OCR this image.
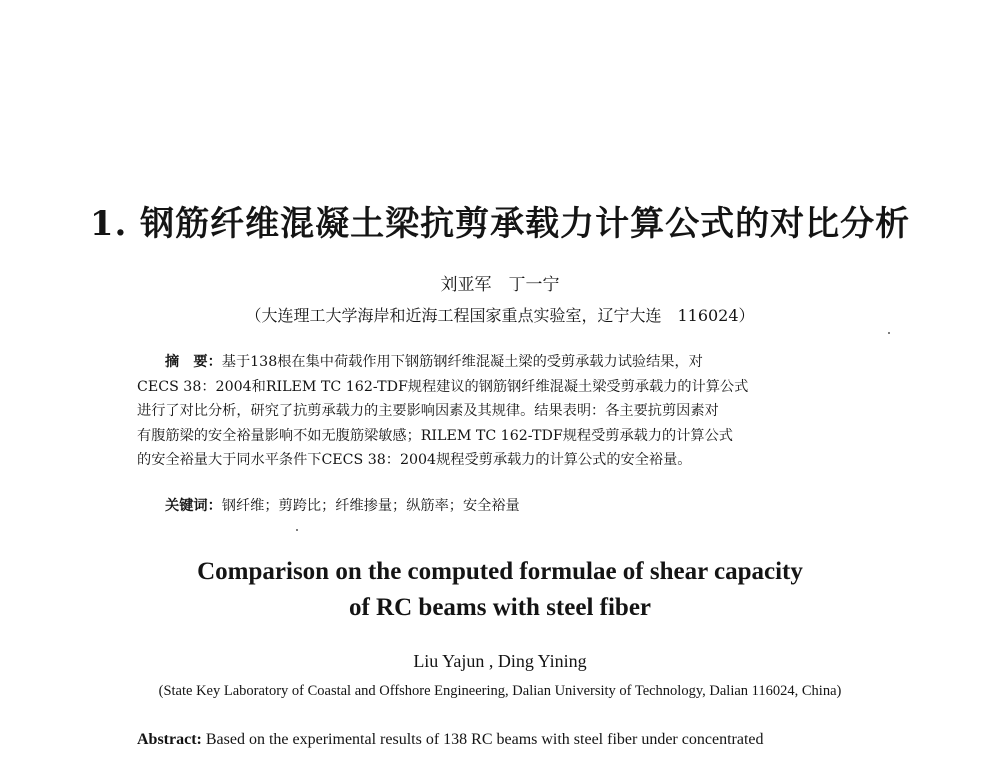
1. 钢筋纤维混凝土梁抗剪承载力计算公式的对比分析
刘亚军　丁一宁
（大连理工大学海岸和近海工程国家重点实验室，辽宁大连　116024）
摘　要：基于138根在集中荷载作用下钢筋钢纤维混凝土梁的受剪承载力试验结果，对
CECS 38：2004和RILEM TC 162-TDF规程建议的钢筋钢纤维混凝土梁受剪承载力的计算公式
进行了对比分析，研究了抗剪承载力的主要影响因素及其规律。结果表明：各主要抗剪因素对
有腹筋梁的安全裕量影响不如无腹筋梁敏感；RILEM TC 162-TDF规程受剪承载力的计算公式
的安全裕量大于同水平条件下CECS 38：2004规程受剪承载力的计算公式的安全裕量。
关键词：钢纤维；剪跨比；纤维掺量；纵筋率；安全裕量
Comparison on the computed formulae of shear capacity
of RC beams with steel fiber
Liu Yajun , Ding Yining
(State Key Laboratory of Coastal and Offshore Engineering, Dalian University of Technology, Dalian 116024, China)
Abstract: Based on the experimental results of 138 RC beams with steel fiber under concentrated
